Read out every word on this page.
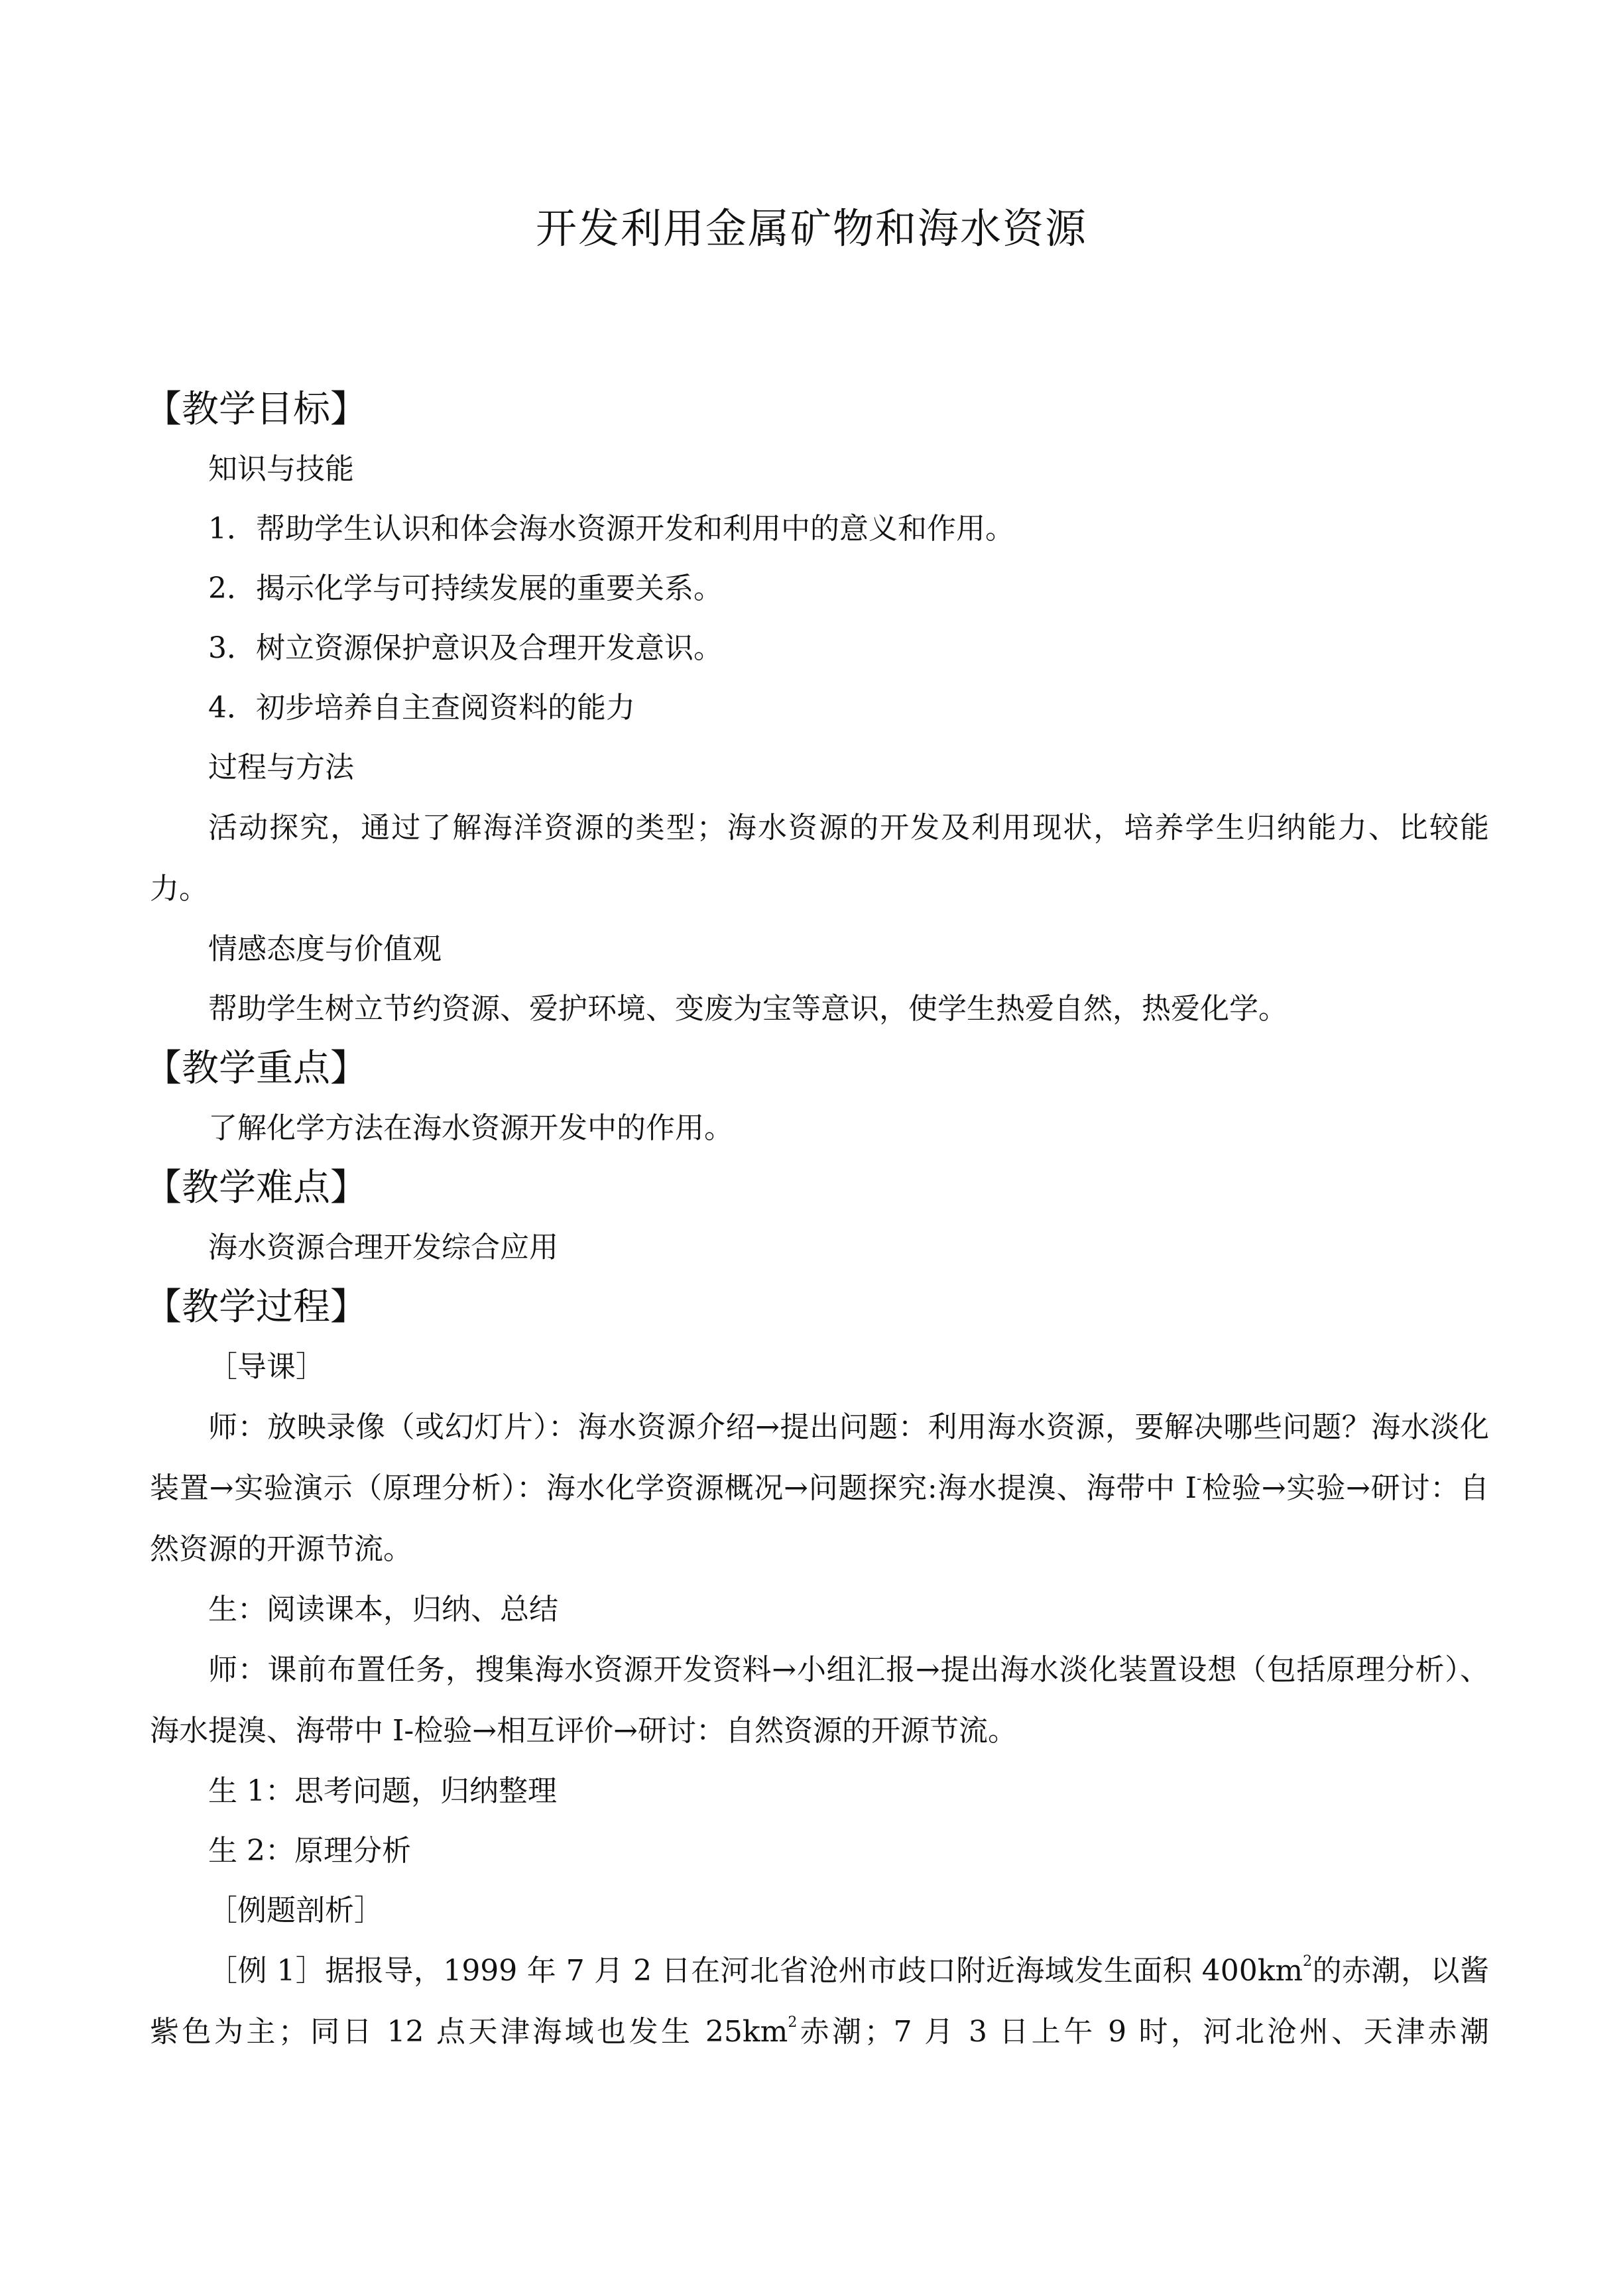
开发利用金属矿物和海水资源
【教学目标】
知识与技能
1．帮助学生认识和体会海水资源开发和利用中的意义和作用。
2．揭示化学与可持续发展的重要关系。
3．树立资源保护意识及合理开发意识。
4．初步培养自主查阅资料的能力
过程与方法

活动探究，通过了解海洋资源的类型；海水资源的开发及利用现状，培养学生归纳能力、比较能力。

情感态度与价值观
帮助学生树立节约资源、爱护环境、变废为宝等意识，使学生热爱自然，热爱化学。
【教学重点】
了解化学方法在海水资源开发中的作用。
【教学难点】
海水资源合理开发综合应用
【教学过程】
［导课］

师：放映录像（或幻灯片）：海水资源介绍→提出问题：利用海水资源，要解决哪些问题？海水淡化装置→实验演示（原理分析）：海水化学资源概况→问题探究:海水提溴、海带中 I-检验→实验→研讨：自然资源的开源节流。

生：阅读课本，归纳、总结

师：课前布置任务，搜集海水资源开发资料→小组汇报→提出海水淡化装置设想（包括原理分析）、海水提溴、海带中 I-检验→相互评价→研讨：自然资源的开源节流。

生 1：思考问题，归纳整理
生 2：原理分析
［例题剖析］

［例 1］据报导，1999 年 7 月 2 日在河北省沧州市歧口附近海域发生面积 $400km^2$的赤潮，以酱紫色为主；同日 12 点天津海域也发生 $25km^2$赤潮；7 月 3 日上午 9 时，河北沧州、天津赤潮
